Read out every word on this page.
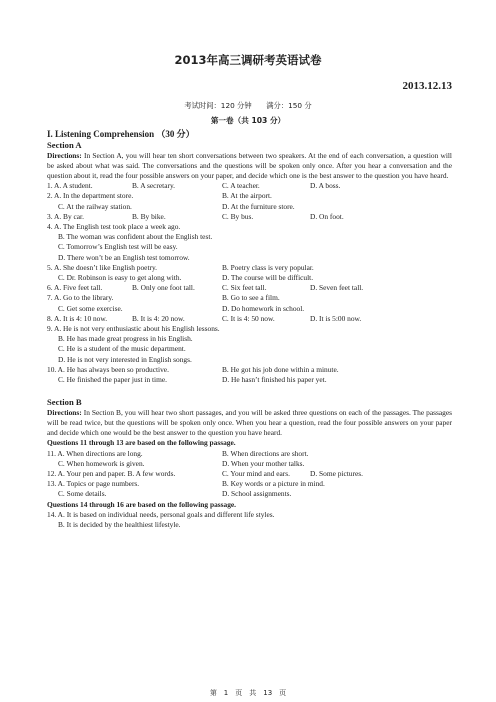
2013年高三调研考英语试卷
2013.12.13
考试时间：120 分钟　　满分：150 分
第一卷（共 103 分）
I. Listening Comprehension （30 分）
Section A
Directions: In Section A, you will hear ten short conversations between two speakers. At the end of each conversation, a question will be asked about what was said. The conversations and the questions will be spoken only once. After you hear a conversation and the question about it, read the four possible answers on your paper, and decide which one is the best answer to the question you have heard.
1. A. A student.	B. A secretary.	C. A teacher.	D. A boss.
2. A. In the department store.	B. At the airport.
C. At the railway station.	D. At the furniture store.
3. A. By car.	B. By bike.	C. By bus.	D. On foot.
4. A. The English test took place a week ago.
B. The woman was confident about the English test.
C. Tomorrow’s English test will be easy.
D. There won’t be an English test tomorrow.
5. A. She doesn’t like English poetry.	B. Poetry class is very popular.
C. Dr. Robinson is easy to get along with.	D. The course will be difficult.
6. A. Five feet tall.	B. Only one foot tall.	C. Six feet tall.	D. Seven feet tall.
7. A. Go to the library.	B. Go to see a film.
C. Get some exercise.	D. Do homework in school.
8. A. It is 4: 10 now.	B. It is 4: 20 now.	C. It is 4: 50 now.	D. It is 5:00 now.
9. A. He is not very enthusiastic about his English lessons.
B. He has made great progress in his English.
C. He is a student of the music department.
D. He is not very interested in English songs.
10. A. He has always been so productive.	B. He got his job done within a minute.
C. He finished the paper just in time.	D. He hasn’t finished his paper yet.
Section B
Directions: In Section B, you will hear two short passages, and you will be asked three questions on each of the passages. The passages will be read twice, but the questions will be spoken only once. When you hear a question, read the four possible answers on your paper and decide which one would be the best answer to the question you have heard.
Questions 11 through 13 are based on the following passage.
11. A. When directions are long.	B. When directions are short.
C. When homework is given.	D. When your mother talks.
12. A. Your pen and paper. B. A few words.	C. Your mind and ears.	D. Some pictures.
13. A. Topics or page numbers.	B. Key words or a picture in mind.
C. Some details.	D. School assignments.
Questions 14 through 16 are based on the following passage.
14. A. It is based on individual needs, personal goals and different life styles.
B. It is decided by the healthiest lifestyle.
第　1　页　共　13　页
